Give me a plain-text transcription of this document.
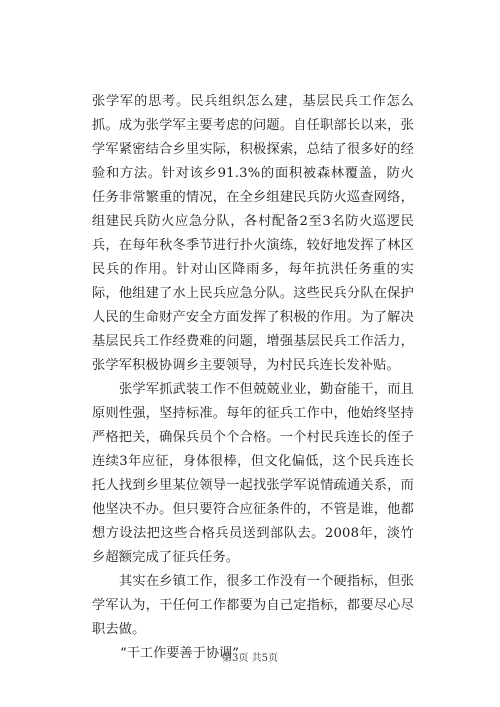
张学军的思考。民兵组织怎么建，基层民兵工作怎么抓。成为张学军主要考虑的问题。自任职部长以来，张学军紧密结合乡里实际，积极探索，总结了很多好的经验和方法。针对该乡91.3%的面积被森林覆盖，防火任务非常繁重的情况，在全乡组建民兵防火巡查网络，组建民兵防火应急分队，各村配备2至3名防火巡逻民兵，在每年秋冬季节进行扑火演练，较好地发挥了林区民兵的作用。针对山区降雨多，每年抗洪任务重的实际，他组建了水上民兵应急分队。这些民兵分队在保护人民的生命财产安全方面发挥了积极的作用。为了解决基层民兵工作经费难的问题，增强基层民兵工作活力，张学军积极协调乡主要领导，为村民兵连长发补贴。

张学军抓武装工作不但兢兢业业，勤奋能干，而且原则性强，坚持标准。每年的征兵工作中，他始终坚持严格把关，确保兵员个个合格。一个村民兵连长的侄子连续3年应征，身体很棒，但文化偏低，这个民兵连长托人找到乡里某位领导一起找张学军说情疏通关系，而他坚决不办。但只要符合应征条件的，不管是谁，他都想方设法把这些合格兵员送到部队去。2008年，淡竹乡超额完成了征兵任务。

其实在乡镇工作，很多工作没有一个硬指标，但张学军认为，干任何工作都要为自己定指标，都要尽心尽职去做。

“干工作要善于协调”

第3页 共5页
